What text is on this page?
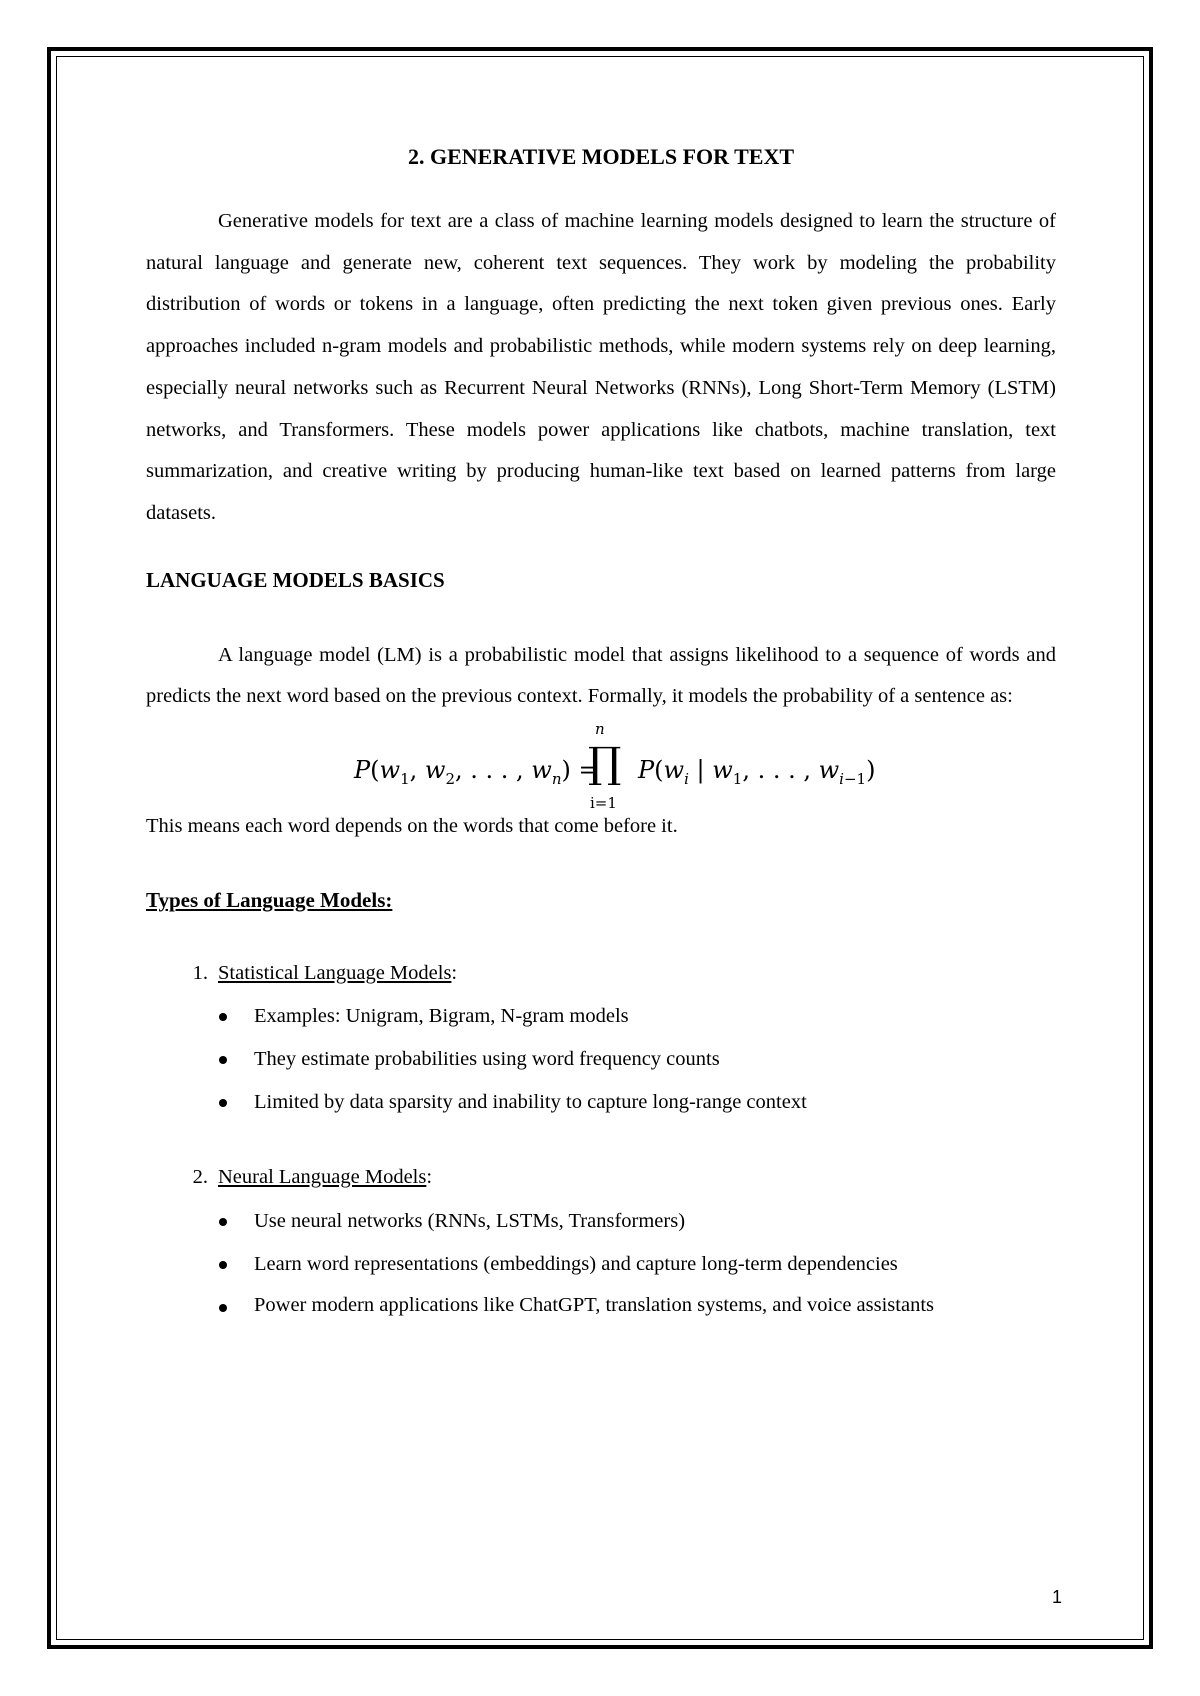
2. GENERATIVE MODELS FOR TEXT

Generative models for text are a class of machine learning models designed to learn the structure of natural language and generate new, coherent text sequences. They work by modeling the probability distribution of words or tokens in a language, often predicting the next token given previous ones. Early approaches included n-gram models and probabilistic methods, while modern systems rely on deep learning, especially neural networks such as Recurrent Neural Networks (RNNs), Long Short-Term Memory (LSTM) networks, and Transformers. These models power applications like chatbots, machine translation, text summarization, and creative writing by producing human-like text based on learned patterns from large datasets.

LANGUAGE MODELS BASICS

A language model (LM) is a probabilistic model that assigns likelihood to a sequence of words and predicts the next word based on the previous context. Formally, it models the probability of a sentence as:

$P(w_1$, $w_2$, . . . , $w_n$) =
n
∏
i=1
$P(w_i$ | $w_1$, . . . , $w_{i-1}$)
This means each word depends on the words that come before it.
Types of Language Models:
1. Statistical Language Models:
Examples: Unigram, Bigram, N-gram models
They estimate probabilities using word frequency counts
Limited by data sparsity and inability to capture long-range context
2. Neural Language Models:
Use neural networks (RNNs, LSTMs, Transformers)
Learn word representations (embeddings) and capture long-term dependencies
Power modern applications like ChatGPT, translation systems, and voice assistants
1
